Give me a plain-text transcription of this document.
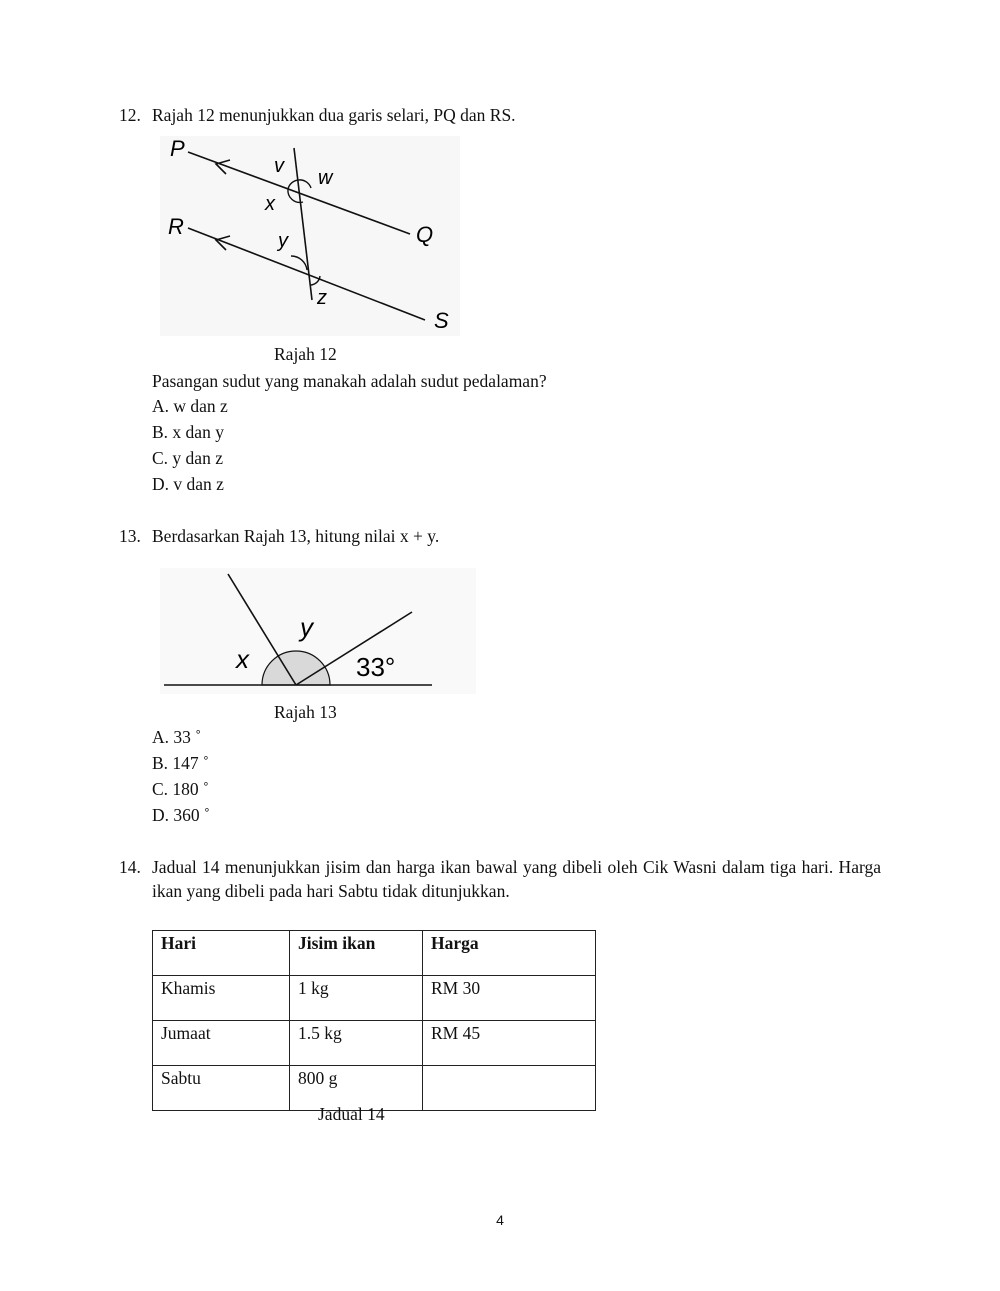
12. Rajah 12 menunjukkan dua garis selari, PQ dan RS.
P
Q
R
S
v
w
x
y
z
Rajah 12
Pasangan sudut yang manakah adalah sudut pedalaman?
A. w dan z
B. x dan y
C. y dan z
D. v dan z
13. Berdasarkan Rajah 13, hitung nilai x + y.
x
y
33°
Rajah 13
A. 33 ˚
B. 147 ˚
C. 180 ˚
D. 360 ˚
14. Jadual 14 menunjukkan jisim dan harga ikan bawal yang dibeli oleh Cik Wasni dalam tiga hari. Harga ikan yang dibeli pada hari Sabtu tidak ditunjukkan.
Hari	Jisim ikan	Harga
Khamis	1 kg	RM 30
Jumaat	1.5 kg	RM 45
Sabtu	800 g	
Jadual 14
4
